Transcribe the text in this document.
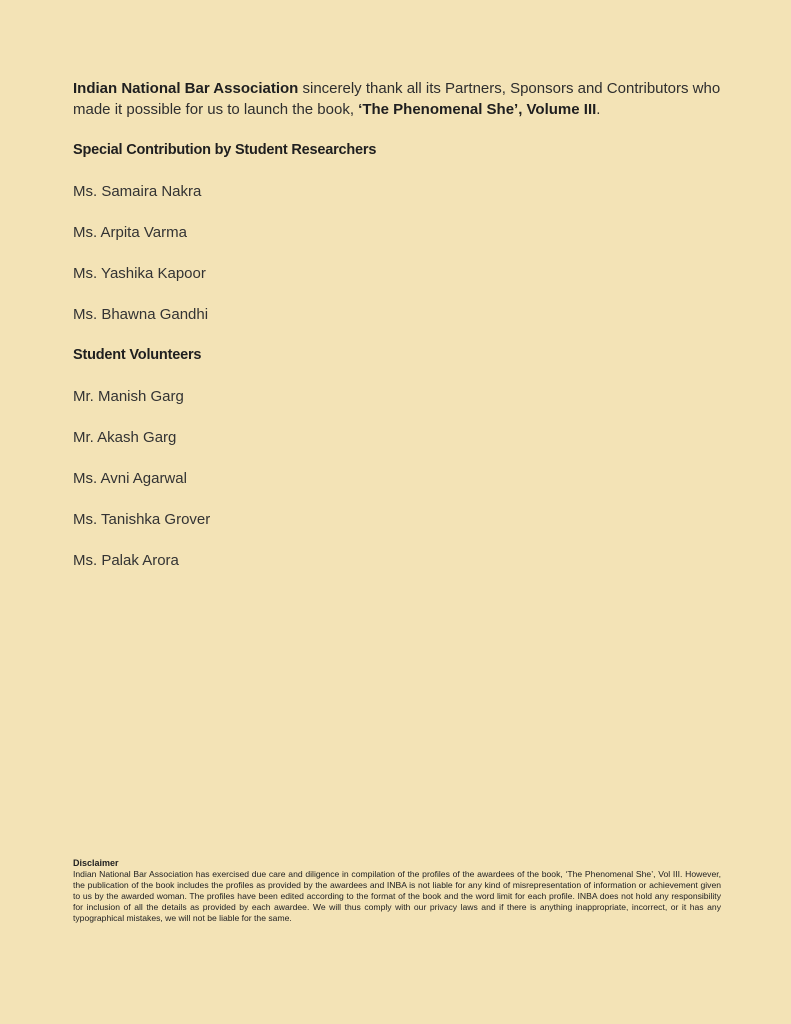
Indian National Bar Association sincerely thank all its Partners, Sponsors and Contributors who made it possible for us to launch the book, ‘The Phenomenal She’, Volume III.

Special Contribution by Student Researchers

Ms. Samaira Nakra

Ms. Arpita Varma

Ms. Yashika Kapoor

Ms. Bhawna Gandhi

Student Volunteers

Mr. Manish Garg

Mr. Akash Garg

Ms. Avni Agarwal

Ms. Tanishka Grover

Ms. Palak Arora

Disclaimer
Indian National Bar Association has exercised due care and diligence in compilation of the profiles of the awardees of the book, ‘The Phenomenal She’, Vol III. However, the publication of the book includes the profiles as provided by the awardees and INBA is not liable for any kind of misrepresentation of information or achievement given to us by the awarded woman. The profiles have been edited according to the format of the book and the word limit for each profile. INBA does not hold any responsibility for inclusion of all the details as provided by each awardee. We will thus comply with our privacy laws and if there is anything inappropriate, incorrect, or it has any typographical mistakes, we will not be liable for the same.
